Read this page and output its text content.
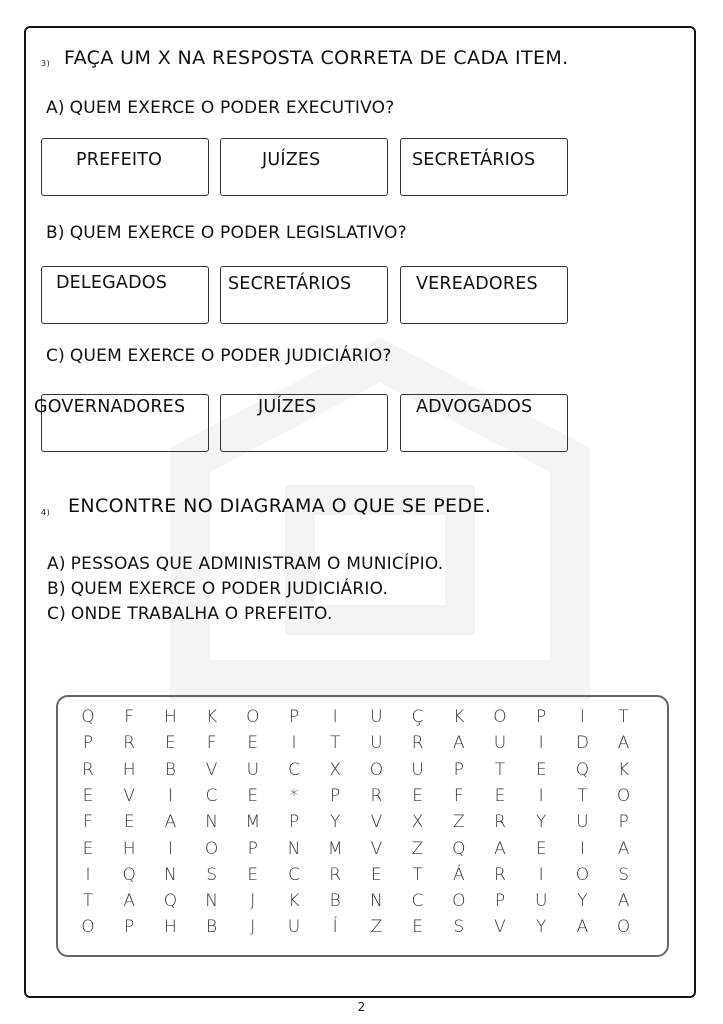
3) FAÇA UM X NA RESPOSTA CORRETA DE CADA ITEM.
A) QUEM EXERCE O PODER EXECUTIVO?
PREFEITO	JUÍZES	SECRETÁRIOS
B) QUEM EXERCE O PODER LEGISLATIVO?
DELEGADOS	SECRETÁRIOS	VEREADORES
C) QUEM EXERCE O PODER JUDICIÁRIO?
GOVERNADORES	JUÍZES	ADVOGADOS
4) ENCONTRE NO DIAGRAMA O QUE SE PEDE.
A) PESSOAS QUE ADMINISTRAM O MUNICÍPIO.
B) QUEM EXERCE O PODER JUDICIÁRIO.
C) ONDE TRABALHA O PREFEITO.
Q	F	H	K	O	P	I	U	Ç	K	O	P	I	T
P	R	E	F	E	I	T	U	R	A	U	I	D	A
R	H	B	V	U	C	X	O	U	P	T	E	Q	K
E	V	I	C	E	*	P	R	E	F	E	I	T	O
F	E	A	N	M	P	Y	V	X	Z	R	Y	U	P
E	H	I	O	P	N	M	V	Z	Q	A	E	I	A
I	Q	N	S	E	C	R	E	T	Á	R	I	O	S
T	A	Q	N	J	K	B	N	C	O	P	U	Y	A
O	P	H	B	J	U	Í	Z	E	S	V	Y	A	O
2
